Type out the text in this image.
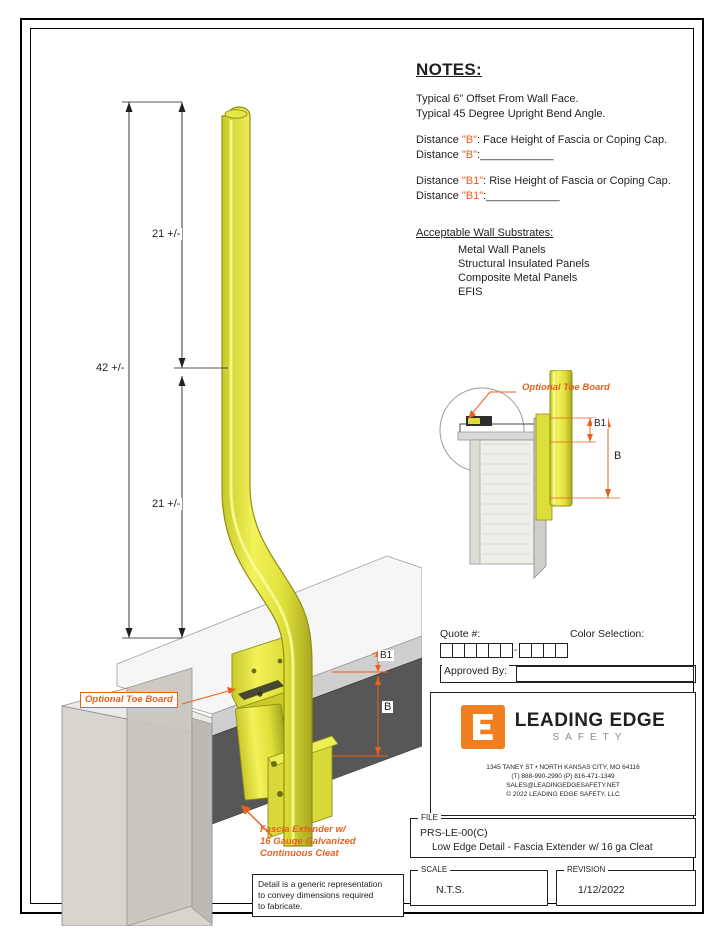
42 +/-
21 +/-
21 +/-
Optional Toe Board
Fascia Extender w/
16 Gauge Galvanized
Continuous Cleat
B1
B
Detail is a generic representation
to convey dimensions required
to fabricate.
NOTES:

Typical 6” Offset From Wall Face.

Typical 45 Degree Upright Bend Angle.

Distance "B": Face Height of Fascia or Coping Cap.

Distance "B":____________

Distance "B1": Rise Height of Fascia or Coping Cap.

Distance "B1":____________

Acceptable Wall Substrates:

Metal Wall Panels
Structural Insulated Panels
Composite Metal Panels
EFIS
Optional Toe Board
B1
B
Quote #:
-
Color Selection:
Approved By:
LEADING EDGE
SAFETY
1345 TANEY ST • NORTH KANSAS CITY, MO 64116
(T) 888-990-2990 (P) 816-471-1349
SALES@LEADINGEDGESAFETY.NET
© 2022 LEADING EDGE SAFETY, LLC
FILE
PRS-LE-00(C)
Low Edge Detail - Fascia Extender w/ 16 ga Cleat
SCALE
N.T.S.
REVISION
1/12/2022
